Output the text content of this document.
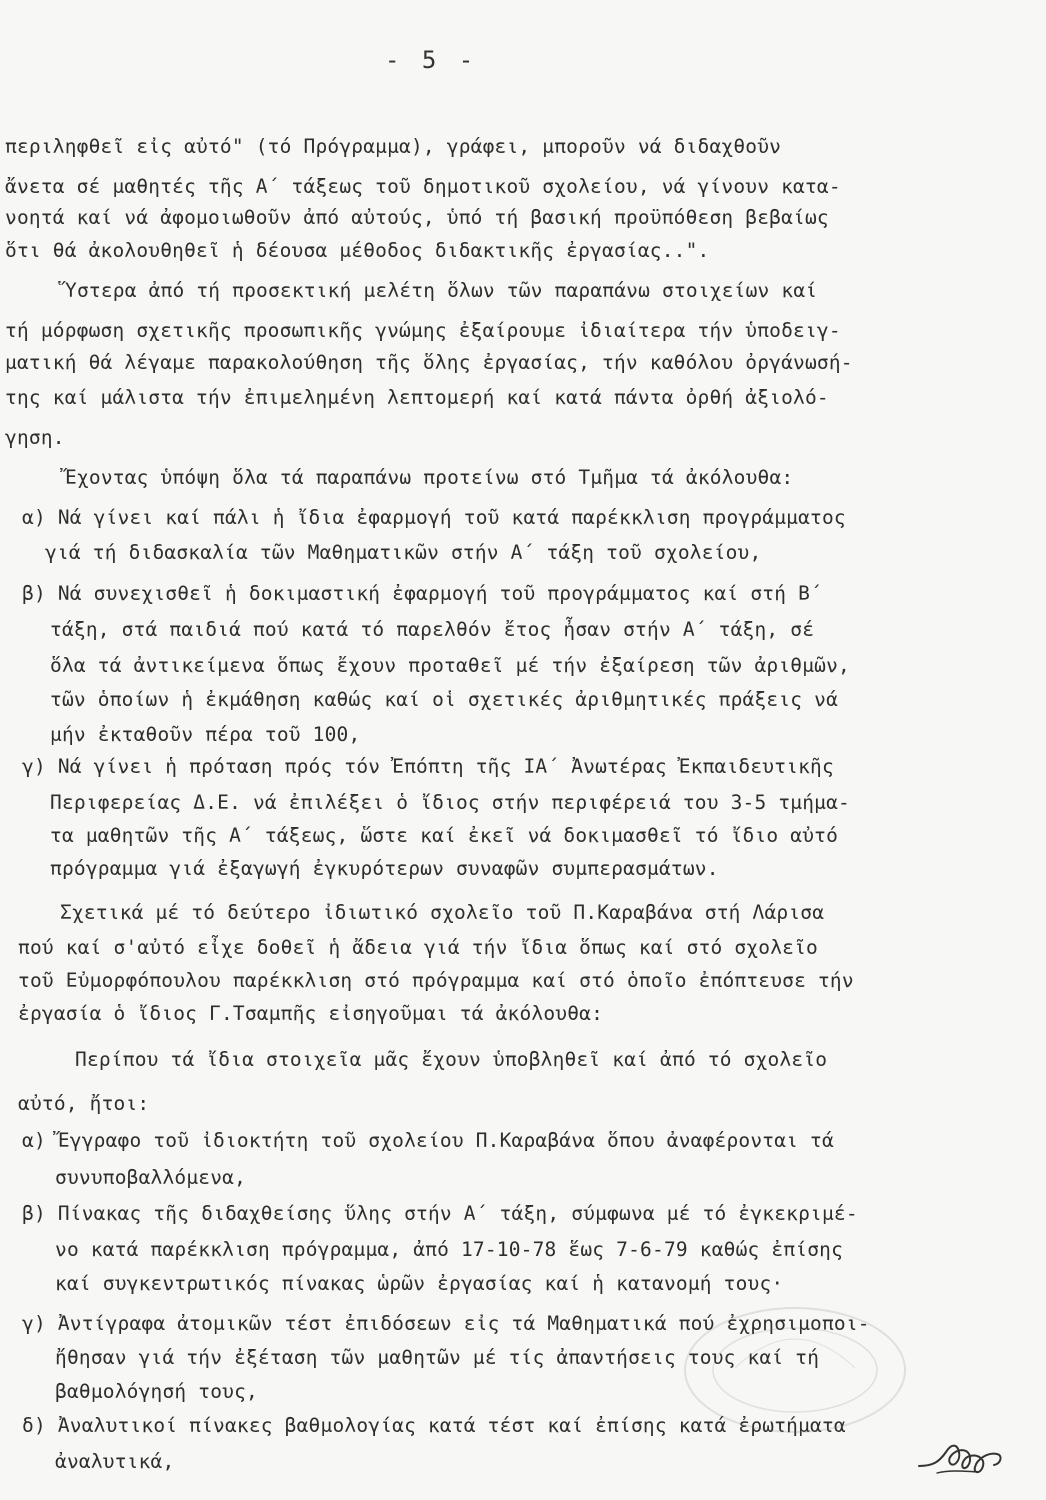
- 5 -
περιληφθεῖ εἰς αὐτό" (τό Πρόγραμμα), γράφει, μποροῦν νά διδαχθοῦν
ἄνετα σέ μαθητές τῆς Α΄ τάξεως τοῦ δημοτικοῦ σχολείου, νά γίνουν κατα-
νοητά καί νά ἀφομοιωθοῦν ἀπό αὐτούς, ὑπό τή βασική προϋπόθεση βεβαίως
ὅτι θά ἀκολουθηθεῖ ἡ δέουσα μέθοδος διδακτικῆς ἐργασίας..".
Ὕστερα ἀπό τή προσεκτική μελέτη ὅλων τῶν παραπάνω στοιχείων καί
τή μόρφωση σχετικῆς προσωπικῆς γνώμης ἐξαίρουμε ἰδιαίτερα τήν ὑποδειγ-
ματική θά λέγαμε παρακολούθηση τῆς ὅλης ἐργασίας, τήν καθόλου ὀργάνωσή-
της καί μάλιστα τήν ἐπιμελημένη λεπτομερή καί κατά πάντα ὀρθή ἀξιολό-
γηση.
Ἔχοντας ὑπόψη ὅλα τά παραπάνω προτείνω στό Τμῆμα τά ἀκόλουθα:
α) Νά γίνει καί πάλι ἡ ἴδια ἐφαρμογή τοῦ κατά παρέκκλιση προγράμματος
γιά τή διδασκαλία τῶν Μαθηματικῶν στήν Α΄ τάξη τοῦ σχολείου,
β) Νά συνεχισθεῖ ἡ δοκιμαστική ἐφαρμογή τοῦ προγράμματος καί στή Β΄
τάξη, στά παιδιά πού κατά τό παρελθόν ἔτος ἦσαν στήν Α΄ τάξη, σέ
ὅλα τά ἀντικείμενα ὅπως ἔχουν προταθεῖ μέ τήν ἐξαίρεση τῶν ἀριθμῶν,
τῶν ὁποίων ἡ ἐκμάθηση καθώς καί οἱ σχετικές ἀριθμητικές πράξεις νά
μήν ἐκταθοῦν πέρα τοῦ 100,
γ) Νά γίνει ἡ πρόταση πρός τόν Ἐπόπτη τῆς ΙΑ΄ Ἀνωτέρας Ἐκπαιδευτικῆς
Περιφερείας Δ.Ε. νά ἐπιλέξει ὁ ἴδιος στήν περιφέρειά του 3-5 τμήμα-
τα μαθητῶν τῆς Α΄ τάξεως, ὥστε καί ἐκεῖ νά δοκιμασθεῖ τό ἴδιο αὐτό
πρόγραμμα γιά ἐξαγωγή ἐγκυρότερων συναφῶν συμπερασμάτων.
Σχετικά μέ τό δεύτερο ἰδιωτικό σχολεῖο τοῦ Π.Καραβάνα στή Λάρισα
πού καί σ'αὐτό εἶχε δοθεῖ ἡ ἄδεια γιά τήν ἴδια ὅπως καί στό σχολεῖο
τοῦ Εὐμορφόπουλου παρέκκλιση στό πρόγραμμα καί στό ὁποῖο ἐπόπτευσε τήν
ἐργασία ὁ ἴδιος Γ.Τσαμπῆς εἰσηγοῦμαι τά ἀκόλουθα:
Περίπου τά ἴδια στοιχεῖα μᾶς ἔχουν ὑποβληθεῖ καί ἀπό τό σχολεῖο
αὐτό, ἤτοι:
α) Ἔγγραφο τοῦ ἰδιοκτήτη τοῦ σχολείου Π.Καραβάνα ὅπου ἀναφέρονται τά
συνυποβαλλόμενα,
β) Πίνακας τῆς διδαχθείσης ὕλης στήν Α΄ τάξη, σύμφωνα μέ τό ἐγκεκριμέ-
νο κατά παρέκκλιση πρόγραμμα, ἀπό 17-10-78 ἕως 7-6-79 καθώς ἐπίσης
καί συγκεντρωτικός πίνακας ὡρῶν ἐργασίας καί ἡ κατανομή τους·
γ) Ἀντίγραφα ἀτομικῶν τέστ ἐπιδόσεων εἰς τά Μαθηματικά πού ἐχρησιμοποι-
ἤθησαν γιά τήν ἐξέταση τῶν μαθητῶν μέ τίς ἀπαντήσεις τους καί τή
βαθμολόγησή τους,
δ) Ἀναλυτικοί πίνακες βαθμολογίας κατά τέστ καί ἐπίσης κατά ἐρωτήματα
ἀναλυτικά,
